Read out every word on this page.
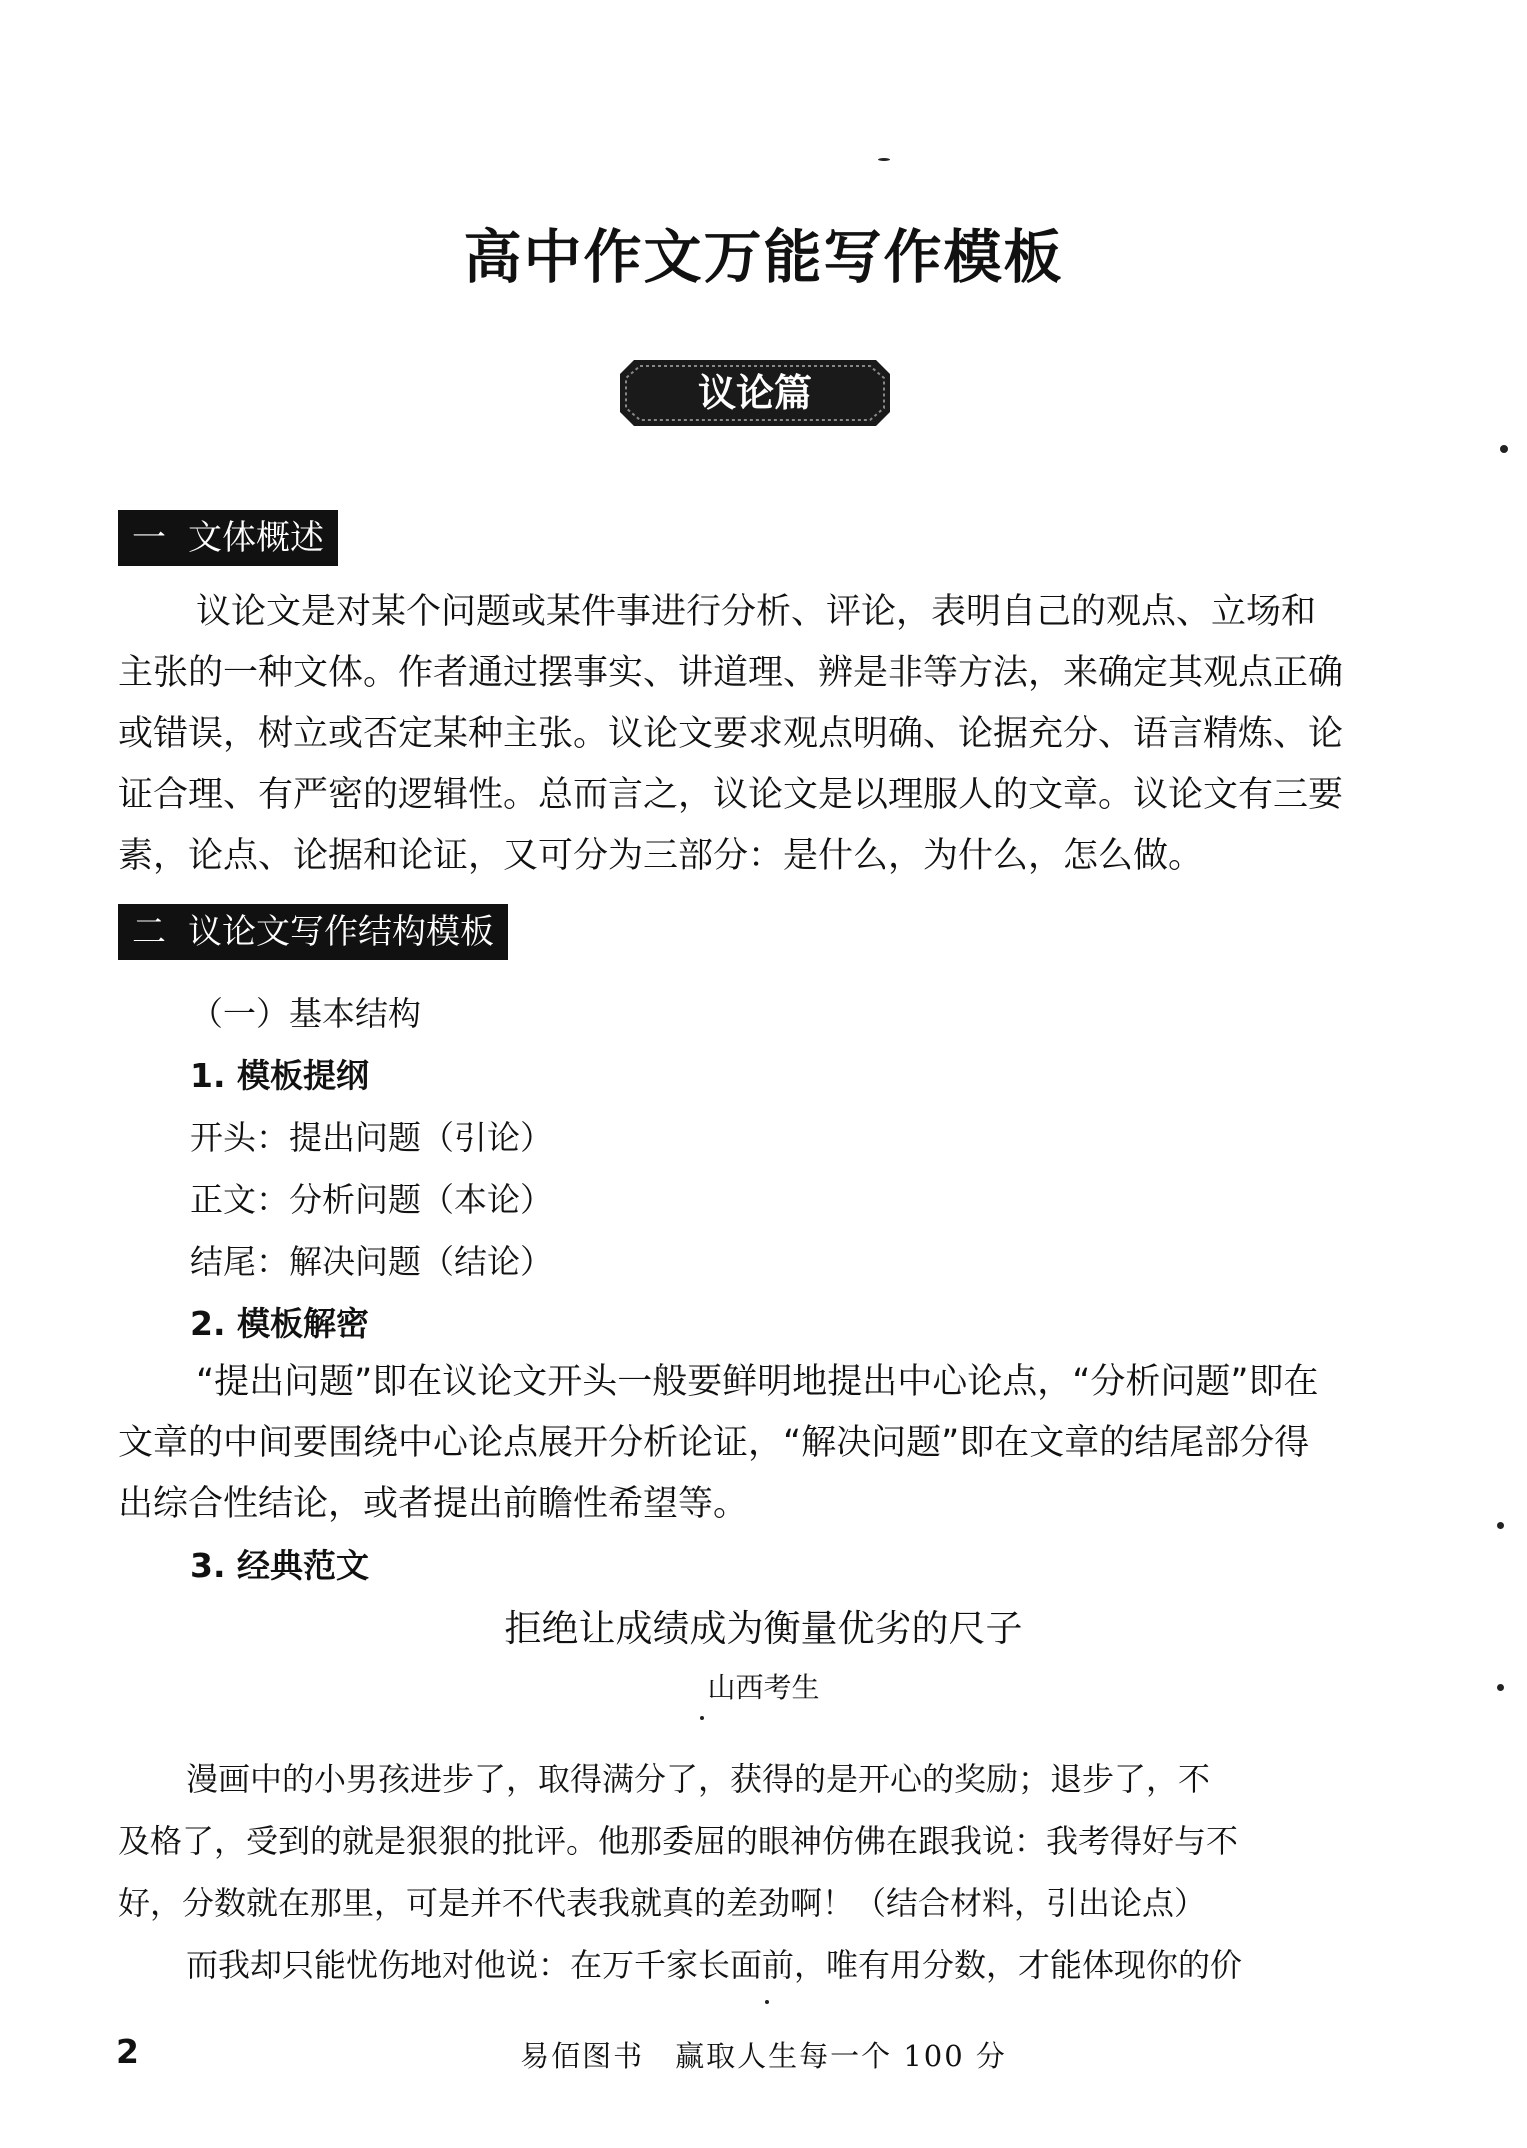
高中作文万能写作模板
议论篇
一 文体概述
议论文是对某个问题或某件事进行分析、评论，表明自己的观点、立场和
主张的一种文体。作者通过摆事实、讲道理、辨是非等方法，来确定其观点正确
或错误，树立或否定某种主张。议论文要求观点明确、论据充分、语言精炼、论
证合理、有严密的逻辑性。总而言之，议论文是以理服人的文章。议论文有三要
素，论点、论据和论证，又可分为三部分：是什么，为什么，怎么做。
二 议论文写作结构模板
（一）基本结构
1. 模板提纲
开头：提出问题（引论）
正文：分析问题（本论）
结尾：解决问题（结论）
2. 模板解密
“提出问题”即在议论文开头一般要鲜明地提出中心论点，“分析问题”即在
文章的中间要围绕中心论点展开分析论证，“解决问题”即在文章的结尾部分得
出综合性结论，或者提出前瞻性希望等。
3. 经典范文
拒绝让成绩成为衡量优劣的尺子
山西考生
漫画中的小男孩进步了，取得满分了，获得的是开心的奖励；退步了，不
及格了，受到的就是狠狠的批评。他那委屈的眼神仿佛在跟我说：我考得好与不
好，分数就在那里，可是并不代表我就真的差劲啊！（结合材料，引出论点）
而我却只能忧伤地对他说：在万千家长面前，唯有用分数，才能体现你的价
2	易佰图书　赢取人生每一个 100 分
